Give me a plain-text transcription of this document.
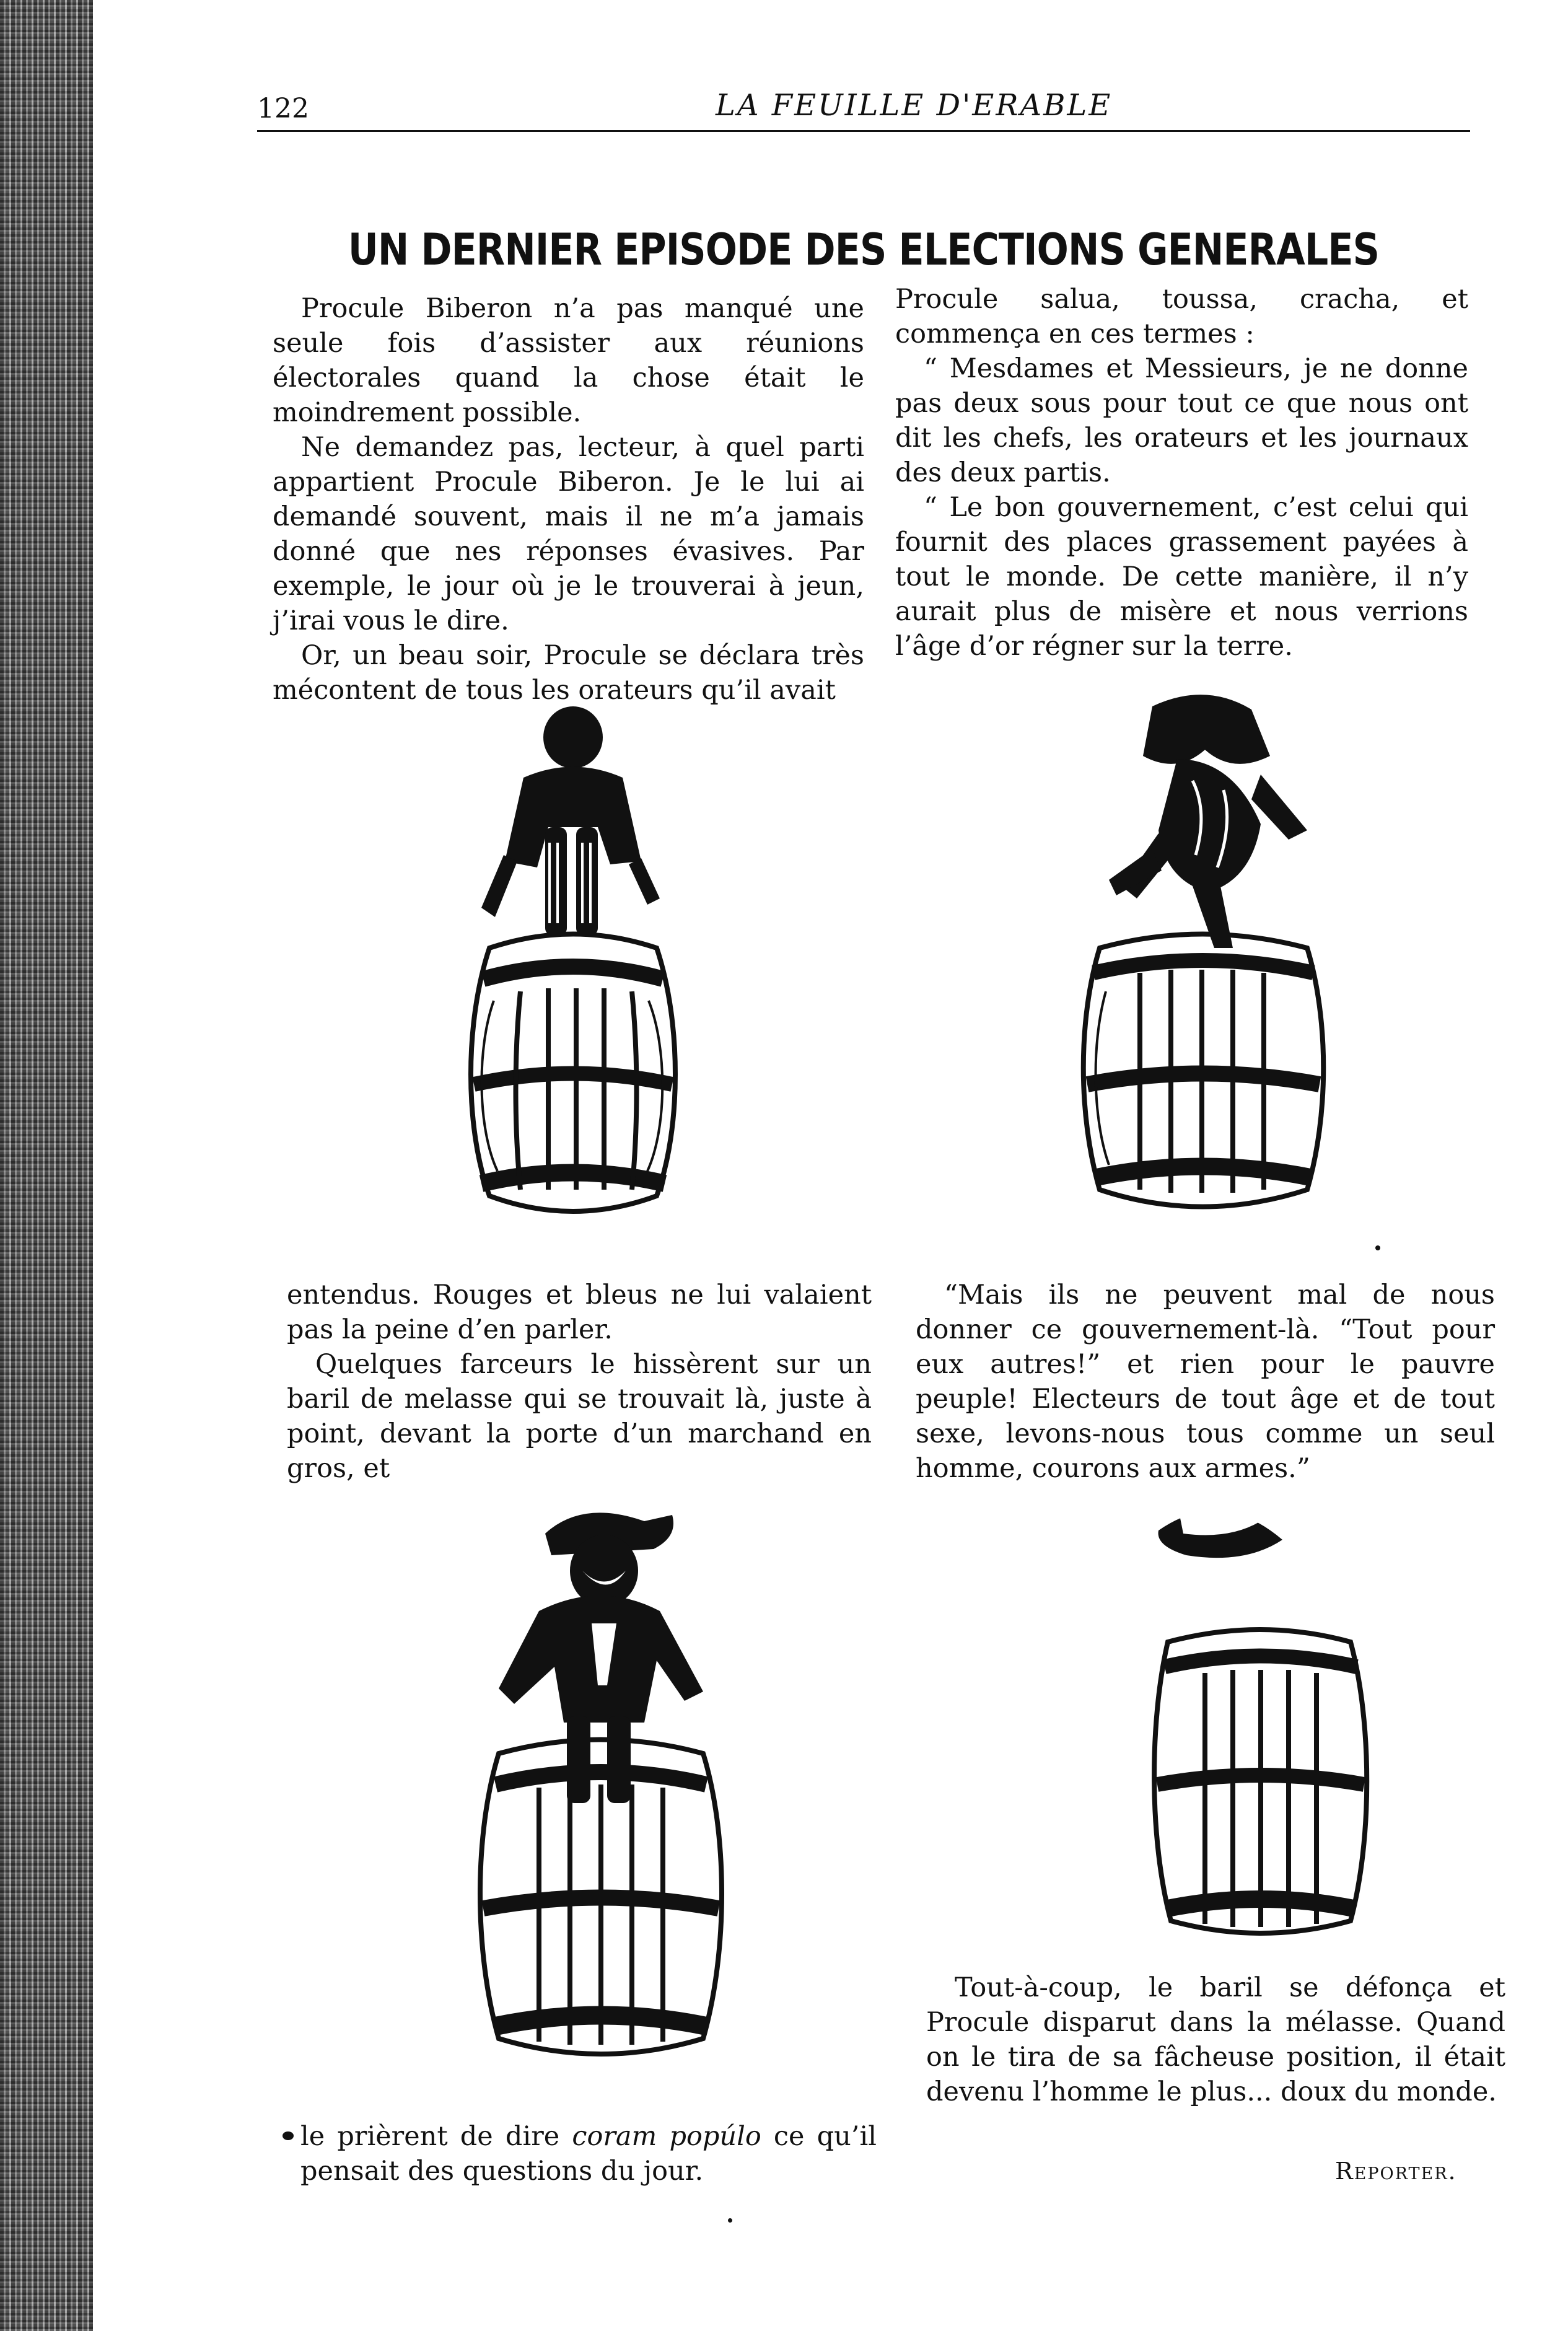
122	LA FEUILLE D'ERABLE
UN DERNIER EPISODE DES ELECTIONS GENERALES

Procule Biberon n’a pas manqué une seule fois d’assister aux réunions électorales quand la chose était le moindrement possible.

Ne demandez pas, lecteur, à quel parti appartient Procule Biberon. Je le lui ai demandé souvent, mais il ne m’a jamais donné que nes réponses évasives. Par exemple, le jour où je le trouverai à jeun, j’irai vous le dire.

Or, un beau soir, Procule se déclara très mécontent de tous les orateurs qu’il avait

Procule salua, toussa, cracha, et commença en ces termes :

“ Mesdames et Messieurs, je ne donne pas deux sous pour tout ce que nous ont dit les chefs, les orateurs et les journaux des deux partis.

“ Le bon gouvernement, c’est celui qui fournit des places grassement payées à tout le monde. De cette manière, il n’y aurait plus de misère et nous verrions l’âge d’or régner sur la terre.

entendus. Rouges et bleus ne lui valaient pas la peine d’en parler.

Quelques farceurs le hissèrent sur un baril de melasse qui se trouvait là, juste à point, devant la porte d’un marchand en gros, et

“Mais ils ne peuvent mal de nous donner ce gouvernement-là. “Tout pour eux autres!” et rien pour le pauvre peuple! Electeurs de tout âge et de tout sexe, levons-nous tous comme un seul homme, courons aux armes.”

le prièrent de dire coram popúlo ce qu’il pensait des questions du jour.

Tout-à-coup, le baril se défonça et Procule disparut dans la mélasse. Quand on le tira de sa fâcheuse position, il était devenu l’homme le plus... doux du monde.

Reporter.
